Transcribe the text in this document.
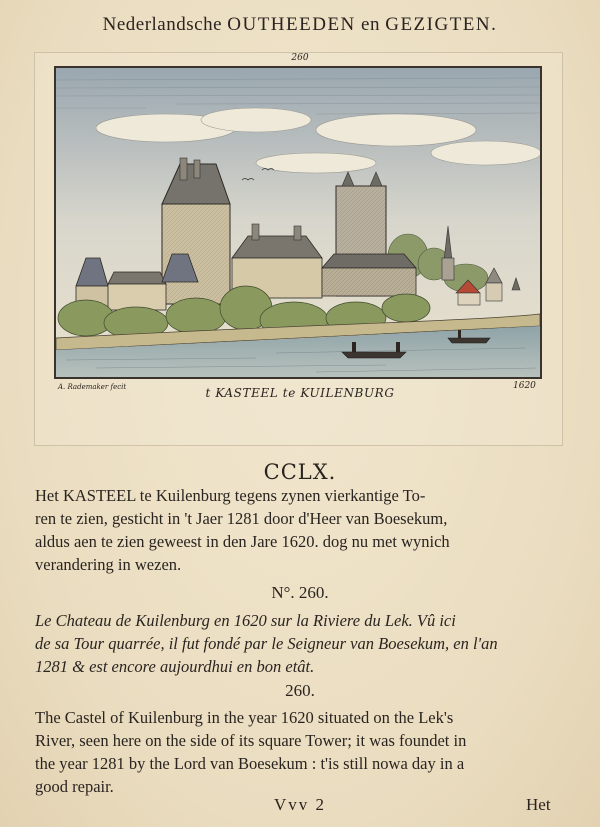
Nederlandsche OUTHEEDEN en GEZIGTEN.
260
A. Rademaker fecit	t KASTEEL te KUILENBURG	1620
CCLX.
Het KASTEEL te Kuilenburg tegens zynen vierkantige To-
ren te zien, gesticht in 't Jaer 1281 door d'Heer van Boesekum,
aldus aen te zien geweest in den Jare 1620. dog nu met wynich
verandering in wezen.
N°. 260.
Le Chateau de Kuilenburg en 1620 sur la Riviere du Lek. Vû ici
de sa Tour quarrée, il fut fondé par le Seigneur van Boesekum, en l'an
1281 & est encore aujourdhui en bon etât.
260.
The Castel of Kuilenburg in the year 1620 situated on the Lek's
River, seen here on the side of its square Tower; it was foundet in
the year 1281 by the Lord van Boesekum : t'is still nowa day in a
good repair.
Vvv 2	Het
